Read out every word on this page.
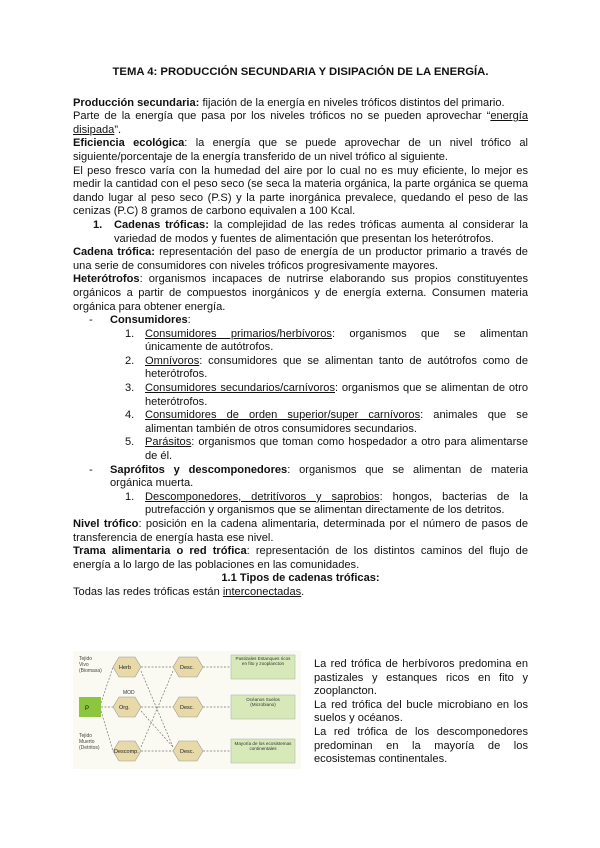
TEMA 4: PRODUCCIÓN SECUNDARIA Y DISIPACIÓN DE LA ENERGÍA.

Producción secundaria: fijación de la energía en niveles tróficos distintos del primario.

Parte de la energía que pasa por los niveles tróficos no se pueden aprovechar “energía disipada”.

Eficiencia ecológica: la energía que se puede aprovechar de un nivel trófico al siguiente/porcentaje de la energía transferido de un nivel trófico al siguiente.

El peso fresco varía con la humedad del aire por lo cual no es muy eficiente, lo mejor es medir la cantidad con el peso seco (se seca la materia orgánica, la parte orgánica se quema dando lugar al peso seco (P.S) y la parte inorgánica prevalece, quedando el peso de las cenizas (P.C) 8 gramos de carbono equivalen a 100 Kcal.

1. Cadenas tróficas: la complejidad de las redes tróficas aumenta al considerar la variedad de modos y fuentes de alimentación que presentan los heterótrofos.

Cadena trófica: representación del paso de energía de un productor primario a través de una serie de consumidores con niveles tróficos progresivamente mayores.

Heterótrofos: organismos incapaces de nutrirse elaborando sus propios constituyentes orgánicos a partir de compuestos inorgánicos y de energía externa. Consumen materia orgánica para obtener energía.

- Consumidores:
1. Consumidores primarios/herbívoros: organismos que se alimentan únicamente de autótrofos.
2. Omnívoros: consumidores que se alimentan tanto de autótrofos como de heterótrofos.
3. Consumidores secundarios/carnívoros: organismos que se alimentan de otro heterótrofos.
4. Consumidores de orden superior/super carnívoros: animales que se alimentan también de otros consumidores secundarios.
5. Parásitos: organismos que toman como hospedador a otro para alimentarse de él.
- Saprófitos y descomponedores: organismos que se alimentan de materia orgánica muerta.
1. Descomponedores, detritívoros y saprobios: hongos, bacterias de la putrefacción y organismos que se alimentan directamente de los detritos.

Nivel trófico: posición en la cadena alimentaria, determinada por el número de pasos de transferencia de energía hasta ese nivel.

Trama alimentaria o red trófica: representación de los distintos caminos del flujo de energía a lo largo de las poblaciones en las comunidades.

1.1 Tipos de cadenas tróficas:

Todas las redes tróficas están interconectadas.

Tejido Vivo (Biomasa)
Tejido Muerto (Detritos)
P
MOD
Herb
Org.
Descomp.
Desc.
Desc.
Desc.
Pastizales Estanques ricos en fito y zooplancton
Océanos Suelos (Microbiano)
Mayoría de los ecosistemas continentales

La red trófica de herbívoros predomina en pastizales y estanques ricos en fito y zooplancton.

La red trófica del bucle microbiano en los suelos y océanos.

La red trófica de los descomponedores predominan en la mayoría de los ecosistemas continentales.
